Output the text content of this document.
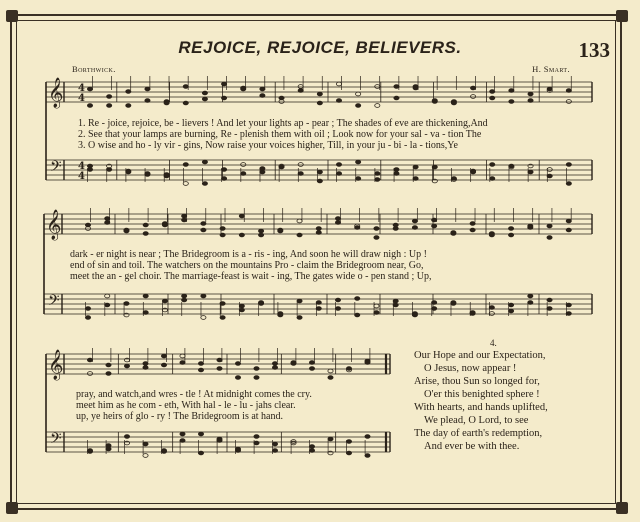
REJOICE, REJOICE, BELIEVERS.	133
Borthwick.	H. Smart.
𝄞
𝄢
𝄞
𝄢
𝄞
𝄢
4
4
4
4
1. Re - joice, rejoice, be - lievers ! And let your lights ap - pear ; The shades of eve are thickening,And
2. See that your lamps are burning, Re - plenish them with oil ; Look now for your sal - va - tion The
3. O wise and ho - ly vir - gins, Now raise your voices higher, Till, in your ju - bi - la - tions,Ye
dark - er night is near ; The Bridegroom is a - ris - ing, And soon he will draw nigh : Up !
end of sin and toil. The watchers on the mountains Pro - claim the Bridegroom near, Go,
meet the an - gel choir. The marriage-feast is wait - ing, The gates wide o - pen stand ; Up,
pray, and watch,and wres - tle ! At midnight comes the cry.
meet him as he com - eth, With hal - le - lu - jahs clear.
up, ye heirs of glo - ry ! The Bridegroom is at hand.
4.
Our Hope and our Expectation,
O Jesus, now appear !
Arise, thou Sun so longed for,
O'er this benighted sphere !
With hearts, and hands uplifted,
We plead, O Lord, to see
The day of earth's redemption,
And ever be with thee.
